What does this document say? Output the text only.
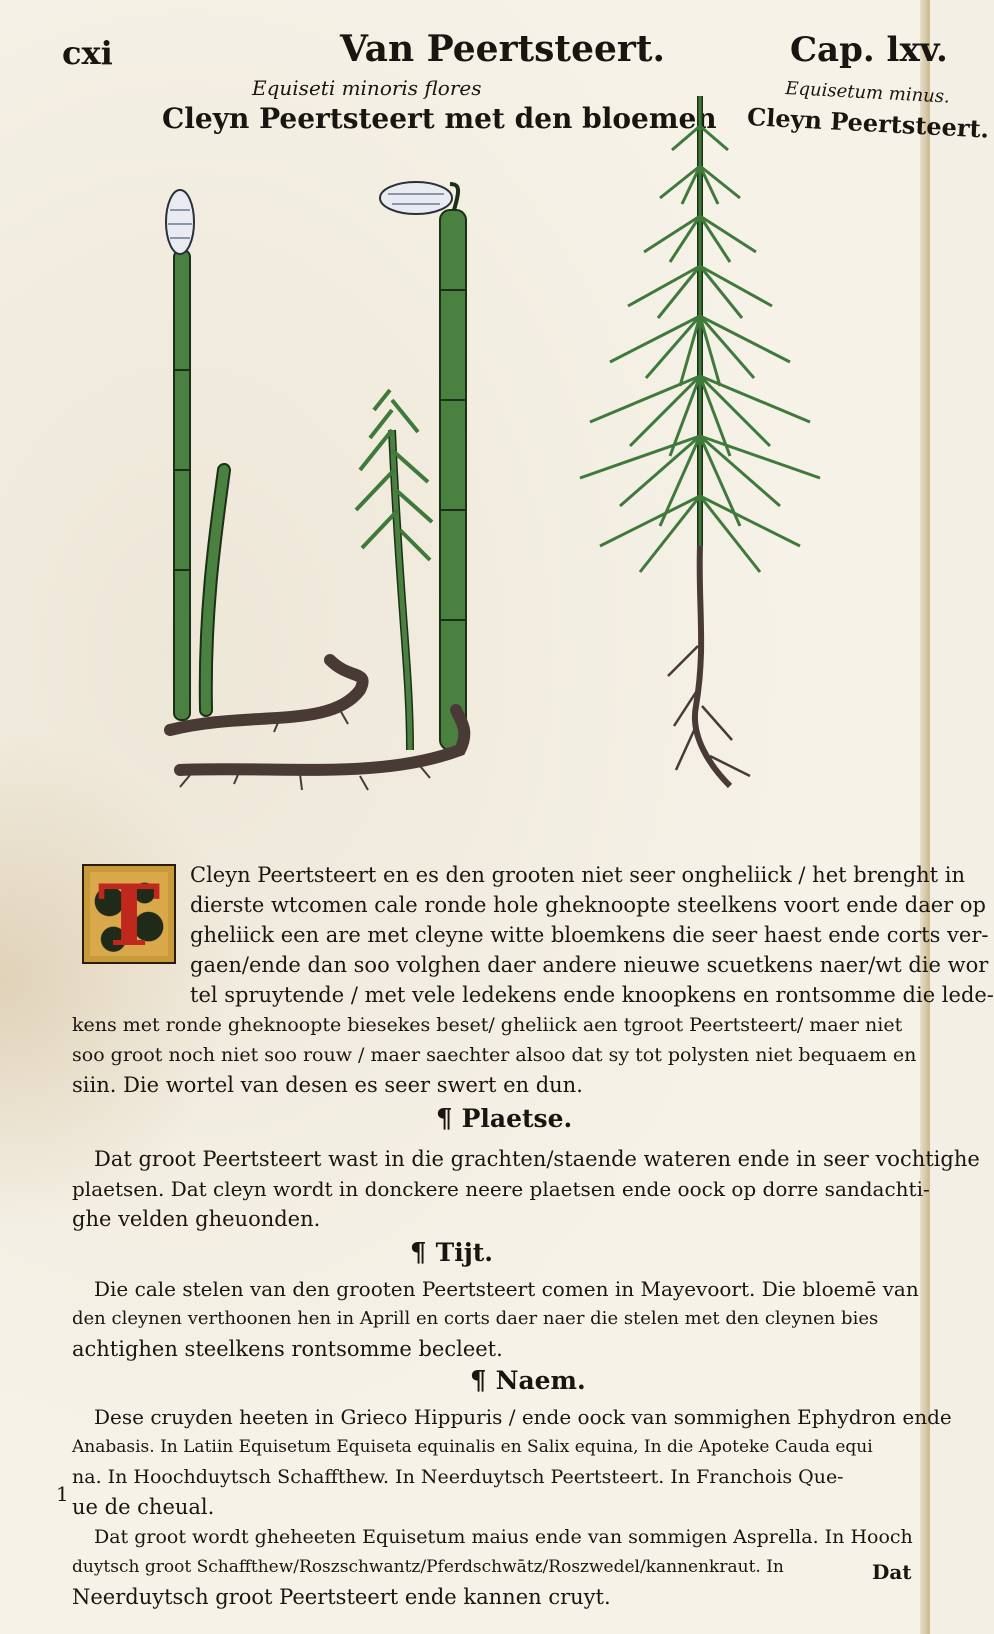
cxi	Van Peertsteert.	Cap. lxv.
Equiseti minoris flores
Cleyn Peertsteert met den bloemen
Equisetum minus.
Cleyn Peertsteert.
T	Cleyn Peertsteert en es den grooten niet seer ongheliick / het brenght in
dierste wtcomen cale ronde hole gheknoopte steelkens voort ende daer op
gheliick een are met cleyne witte bloemkens die seer haest ende corts ver-
gaen/ende dan soo volghen daer andere nieuwe scuetkens naer/wt die wor
tel spruytende / met vele ledekens ende knoopkens en rontsomme die lede-
kens met ronde gheknoopte biesekes beset/ gheliick aen tgroot Peertsteert/ maer niet
soo groot noch niet soo rouw / maer saechter alsoo dat sy tot polysten niet bequaem en
siin. Die wortel van desen es seer swert en dun.
¶ Plaetse.
Dat groot Peertsteert wast in die grachten/staende wateren ende in seer vochtighe
plaetsen. Dat cleyn wordt in donckere neere plaetsen ende oock op dorre sandachti-
ghe velden gheuonden.
¶ Tijt.
Die cale stelen van den grooten Peertsteert comen in Mayevoort. Die bloemē van
den cleynen verthoonen hen in Aprill en corts daer naer die stelen met den cleynen bies
achtighen steelkens rontsomme becleet.
¶ Naem.
Dese cruyden heeten in Grieco Hippuris / ende oock van sommighen Ephydron ende
Anabasis. In Latiin Equisetum Equiseta equinalis en Salix equina, In die Apoteke Cauda equi
na. In Hoochduytsch Schaffthew. In Neerduytsch Peertsteert. In Franchois Que-
ue de cheual.
Dat groot wordt gheheeten Equisetum maius ende van sommigen Asprella. In Hooch
duytsch groot Schaffthew/Roszschwantz/Pferdschwātz/Roszwedel/kannenkraut. In
Neerduytsch groot Peertsteert ende kannen cruyt.
1
Dat
